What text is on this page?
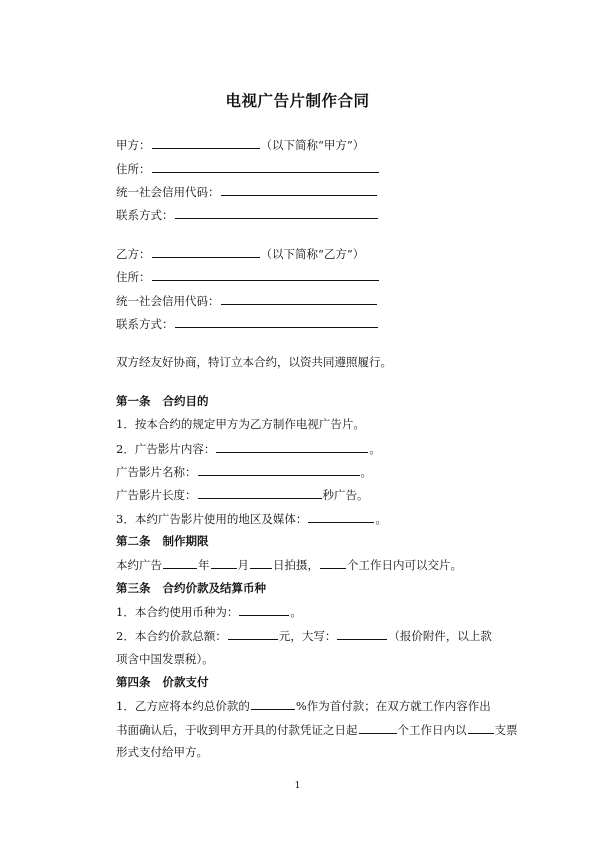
电视广告片制作合同
甲方：	（以下简称“甲方”）
住所：
统一社会信用代码：
联系方式：
乙方：	（以下简称“乙方”）
住所：
统一社会信用代码：
联系方式：
双方经友好协商，特订立本合约，以资共同遵照履行。
第一条 合约目的
1．按本合约的规定甲方为乙方制作电视广告片。
2．广告影片内容：	。
广告影片名称：	。
广告影片长度：	秒广告。
3．本约广告影片使用的地区及媒体：	。
第二条 制作期限
本约广告	年 月 日拍摄， 个工作日内可以交片。
第三条 合约价款及结算币种
1．本合约使用币种为：	。
2．本合约价款总额：	元，大写：	（报价附件，以上款
项含中国发票税）。
第四条 价款支付
1．乙方应将本约总价款的	%作为首付款；在双方就工作内容作出
书面确认后，于收到甲方开具的付款凭证之日起	个工作日内以 支票
形式支付给甲方。
1
